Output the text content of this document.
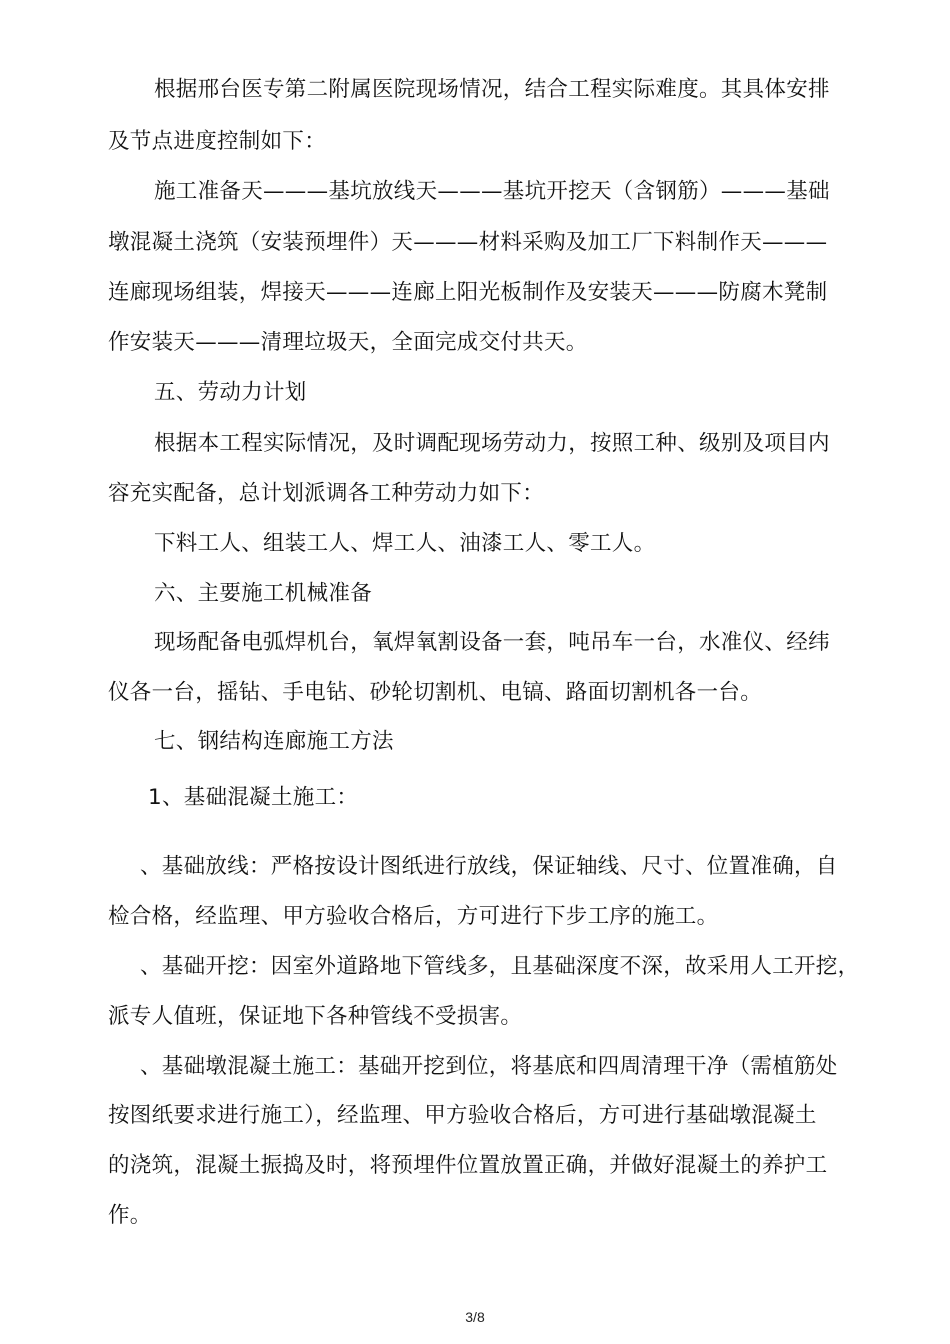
根据邢台医专第二附属医院现场情况，结合工程实际难度。其具体安排
及节点进度控制如下：
施工准备天———基坑放线天———基坑开挖天（含钢筋）———基础
墩混凝土浇筑（安装预埋件）天———材料采购及加工厂下料制作天———
连廊现场组装，焊接天———连廊上阳光板制作及安装天———防腐木凳制
作安装天———清理垃圾天，全面完成交付共天。
五、劳动力计划
根据本工程实际情况，及时调配现场劳动力，按照工种、级别及项目内
容充实配备，总计划派调各工种劳动力如下：
下料工人、组装工人、焊工人、油漆工人、零工人。
六、主要施工机械准备
现场配备电弧焊机台，氧焊氧割设备一套，吨吊车一台，水准仪、经纬
仪各一台，摇钻、手电钻、砂轮切割机、电镐、路面切割机各一台。
七、钢结构连廊施工方法
1、基础混凝土施工：
、基础放线：严格按设计图纸进行放线，保证轴线、尺寸、位置准确，自
检合格，经监理、甲方验收合格后，方可进行下步工序的施工。
、基础开挖：因室外道路地下管线多，且基础深度不深，故采用人工开挖，
派专人值班，保证地下各种管线不受损害。
、基础墩混凝土施工：基础开挖到位，将基底和四周清理干净（需植筋处
按图纸要求进行施工），经监理、甲方验收合格后，方可进行基础墩混凝土
的浇筑，混凝土振捣及时，将预埋件位置放置正确，并做好混凝土的养护工
作。
3/8
